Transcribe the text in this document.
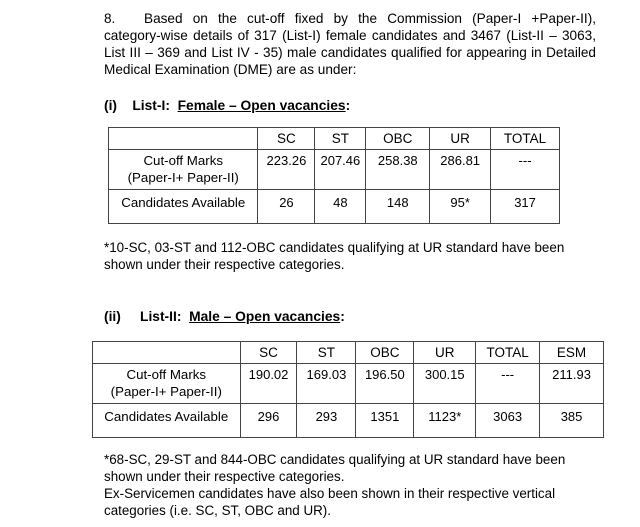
8. Based on the cut-off fixed by the Commission (Paper-I +Paper-II), category-wise details of 317 (List-I) female candidates and 3467 (List-II – 3063, List III – 369 and List IV - 35) male candidates qualified for appearing in Detailed Medical Examination (DME) are as under:
(i) List-I: Female – Open vacancies:
	SC	ST	OBC	UR	TOTAL
Cut-off Marks
(Paper-I+ Paper-II)	223.26	207.46	258.38	286.81	---
Candidates Available	26	48	148	95*	317
*10-SC, 03-ST and 112-OBC candidates qualifying at UR standard have been shown under their respective categories.
(ii) List-II: Male – Open vacancies:
	SC	ST	OBC	UR	TOTAL	ESM
Cut-off Marks
(Paper-I+ Paper-II)	190.02	169.03	196.50	300.15	---	211.93
Candidates Available	296	293	1351	1123*	3063	385
*68-SC, 29-ST and 844-OBC candidates qualifying at UR standard have been shown under their respective categories.
Ex-Servicemen candidates have also been shown in their respective vertical categories (i.e. SC, ST, OBC and UR).
